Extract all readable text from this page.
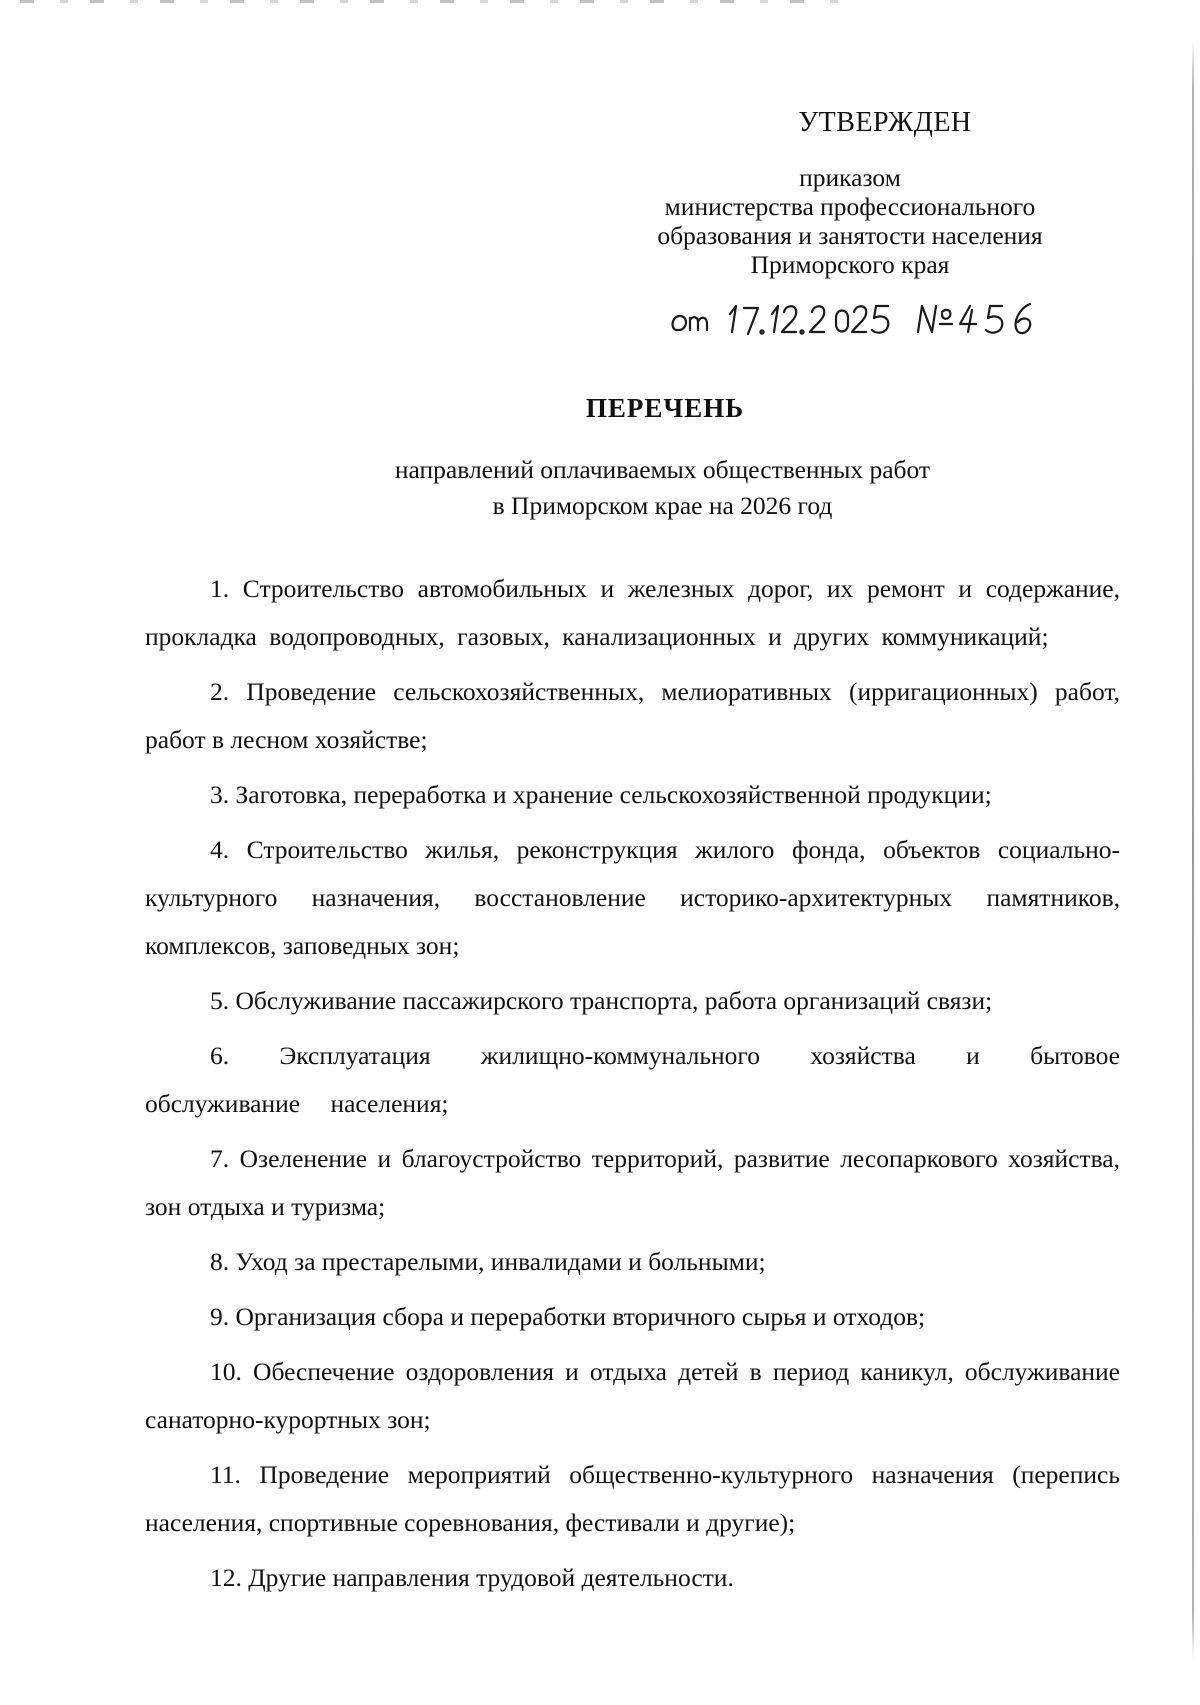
УТВЕРЖДЕН
приказом
министерства профессионального
образования и занятости населения
Приморского края
ПЕРЕЧЕНЬ
направлений оплачиваемых общественных работ
в Приморском крае на 2026 год

1. Строительство автомобильных и железных дорог, их ремонт и содержание, прокладка водопроводных, газовых, канализационных и других коммуникаций;

2. Проведение сельскохозяйственных, мелиоративных (ирригационных) работ, работ в лесном хозяйстве;

3. Заготовка, переработка и хранение сельскохозяйственной продукции;

4. Строительство жилья, реконструкция жилого фонда, объектов социально-культурного назначения, восстановление историко-архитектурных памятников, комплексов, заповедных зон;

5. Обслуживание пассажирского транспорта, работа организаций связи;

6. Эксплуатация жилищно-коммунального хозяйства и бытовое обслуживание населения;

7. Озеленение и благоустройство территорий, развитие лесопаркового хозяйства, зон отдыха и туризма;

8. Уход за престарелыми, инвалидами и больными;

9. Организация сбора и переработки вторичного сырья и отходов;

10. Обеспечение оздоровления и отдыха детей в период каникул, обслуживание санаторно-курортных зон;

11. Проведение мероприятий общественно-культурного назначения (перепись населения, спортивные соревнования, фестивали и другие);

12. Другие направления трудовой деятельности.
